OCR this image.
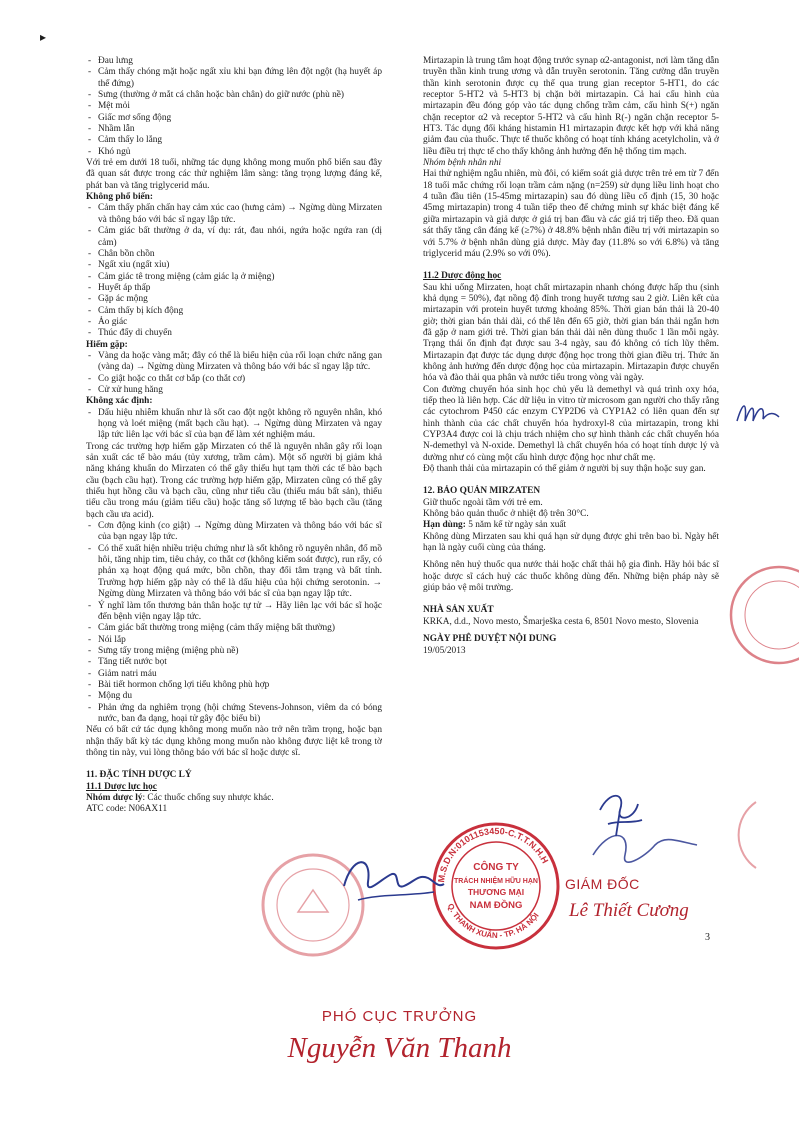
▸
- Đau lưng
- Cảm thấy chóng mặt hoặc ngất xỉu khi bạn đứng lên đột ngột (hạ huyết áp thế đứng)
- Sưng (thường ở mắt cá chân hoặc bàn chân) do giữ nước (phù nề)
- Mệt mỏi
- Giấc mơ sống động
- Nhầm lẫn
- Cảm thấy lo lắng
- Khó ngủ

Với trẻ em dưới 18 tuổi, những tác dụng không mong muốn phổ biến sau đây đã quan sát được trong các thử nghiệm lâm sàng: tăng trọng lượng đáng kể, phát ban và tăng triglycerid máu.

Không phổ biến:

- Cảm thấy phấn chấn hay cảm xúc cao (hưng cảm) → Ngừng dùng Mirzaten và thông báo với bác sĩ ngay lập tức.
- Cảm giác bất thường ở da, ví dụ: rát, đau nhói, ngứa hoặc ngứa ran (dị cảm)
- Chân bồn chồn
- Ngất xỉu (ngất xỉu)
- Cảm giác tê trong miệng (cảm giác lạ ở miệng)
- Huyết áp thấp
- Gặp ác mộng
- Cảm thấy bị kích động
- Ảo giác
- Thúc đẩy di chuyển

Hiếm gặp:

- Vàng da hoặc vàng mắt; đây có thể là biểu hiện của rối loạn chức năng gan (vàng da) → Ngừng dùng Mirzaten và thông báo với bác sĩ ngay lập tức.
- Co giật hoặc co thắt cơ bắp (co thắt cơ)
- Cử xử hung hăng

Không xác định:

- Dấu hiệu nhiễm khuẩn như là sốt cao đột ngột không rõ nguyên nhân, khó họng và loét miệng (mất bạch cầu hạt). → Ngừng dùng Mirzaten và ngay lập tức liên lạc với bác sĩ của bạn để làm xét nghiệm máu.

Trong các trường hợp hiếm gặp Mirzaten có thể là nguyên nhân gây rối loạn sản xuất các tế bào máu (tủy xương, trầm cảm). Một số người bị giảm khả năng kháng khuẩn do Mirzaten có thể gây thiếu hụt tạm thời các tế bào bạch cầu (bạch cầu hạt). Trong các trường hợp hiếm gặp, Mirzaten cũng có thể gây thiếu hụt hồng cầu và bạch cầu, cũng như tiểu cầu (thiếu máu bất sản), thiếu tiểu cầu trong máu (giảm tiểu cầu) hoặc tăng số lượng tế bào bạch cầu (tăng bạch cầu ưa acid).

- Cơn động kinh (co giật) → Ngừng dùng Mirzaten và thông báo với bác sĩ của bạn ngay lập tức.
- Có thể xuất hiện nhiều triệu chứng như là sốt không rõ nguyên nhân, đổ mồ hôi, tăng nhịp tim, tiêu chảy, co thắt cơ (không kiểm soát được), run rẩy, có phản xạ hoạt động quá mức, bồn chồn, thay đổi tâm trạng và bất tỉnh. Trường hợp hiếm gặp này có thể là dấu hiệu của hội chứng serotonin. → Ngừng dùng Mirzaten và thông báo với bác sĩ của bạn ngay lập tức.
- Ý nghĩ làm tổn thương bản thân hoặc tự tử → Hãy liên lạc với bác sĩ hoặc đến bệnh viện ngay lập tức.
- Cảm giác bất thường trong miệng (cảm thấy miệng bất thường)
- Nói lắp
- Sưng tấy trong miệng (miệng phù nề)
- Tăng tiết nước bọt
- Giảm natri máu
- Bài tiết hormon chống lợi tiểu không phù hợp
- Mộng du
- Phản ứng da nghiêm trọng (hội chứng Stevens-Johnson, viêm da có bóng nước, ban đa dạng, hoại tử gây độc biểu bì)

Nếu có bất cứ tác dụng không mong muốn nào trở nên trầm trọng, hoặc bạn nhận thấy bất kỳ tác dụng không mong muốn nào không được liệt kê trong tờ thông tin này, vui lòng thông báo với bác sĩ hoặc dược sĩ.

11. ĐẶC TÍNH DƯỢC LÝ

11.1 Dược lực học

Nhóm dược lý: Các thuốc chống suy nhược khác.

ATC code: N06AX11

Mirtazapin là trung tâm hoạt động trước synap α2-antagonist, nơi làm tăng dẫn truyền thần kinh trung ương và dẫn truyền serotonin. Tăng cường dẫn truyền thần kinh serotonin được cụ thể qua trung gian receptor 5-HT1, do các receptor 5-HT2 và 5-HT3 bị chặn bởi mirtazapin. Cả hai cấu hình của mirtazapin đều đóng góp vào tác dụng chống trầm cảm, cấu hình S(+) ngăn chặn receptor α2 và receptor 5-HT2 và cấu hình R(-) ngăn chặn receptor 5-HT3. Tác dụng đối kháng histamin H1 mirtazapin được kết hợp với khả năng giảm đau của thuốc. Thực tế thuốc không có hoạt tính kháng acetylcholin, và ở liều điều trị thực tế cho thấy không ảnh hưởng đến hệ thống tim mạch.

Nhóm bệnh nhân nhi

Hai thử nghiệm ngẫu nhiên, mù đôi, có kiểm soát giả dược trên trẻ em từ 7 đến 18 tuổi mắc chứng rối loạn trầm cảm nặng (n=259) sử dụng liều linh hoạt cho 4 tuần đầu tiên (15-45mg mirtazapin) sau đó dùng liều cố định (15, 30 hoặc 45mg mirtazapin) trong 4 tuần tiếp theo để chứng minh sự khác biệt đáng kể giữa mirtazapin và giả dược ở giá trị ban đầu và các giá trị tiếp theo. Đã quan sát thấy tăng cân đáng kể (≥7%) ở 48.8% bệnh nhân điều trị với mirtazapin so với 5.7% ở bệnh nhân dùng giả dược. Mày đay (11.8% so với 6.8%) và tăng triglycerid máu (2.9% so với 0%).

11.2 Dược động học

Sau khi uống Mirzaten, hoạt chất mirtazapin nhanh chóng được hấp thu (sinh khả dụng = 50%), đạt nồng độ đỉnh trong huyết tương sau 2 giờ. Liên kết của mirtazapin với protein huyết tương khoảng 85%. Thời gian bán thải là 20-40 giờ; thời gian bán thải dài, có thể lên đến 65 giờ, thời gian bán thải ngắn hơn đã gặp ở nam giới trẻ. Thời gian bán thải dài nên dùng thuốc 1 lần mỗi ngày. Trạng thái ổn định đạt được sau 3-4 ngày, sau đó không có tích lũy thêm. Mirtazapin đạt được tác dụng dược động học trong thời gian điều trị. Thức ăn không ảnh hưởng đến dược động học của mirtazapin. Mirtazapin được chuyển hóa và đào thải qua phân và nước tiểu trong vòng vài ngày.

Con đường chuyển hóa sinh học chủ yếu là demethyl và quá trình oxy hóa, tiếp theo là liên hợp. Các dữ liệu in vitro từ microsom gan người cho thấy rằng các cytochrom P450 các enzym CYP2D6 và CYP1A2 có liên quan đến sự hình thành của các chất chuyển hóa hydroxyl-8 của mirtazapin, trong khi CYP3A4 được coi là chịu trách nhiệm cho sự hình thành các chất chuyển hóa N-demethyl và N-oxide. Demethyl là chất chuyển hóa có hoạt tính dược lý và dường như có cùng một cấu hình dược động học như chất mẹ.

Độ thanh thải của mirtazapin có thể giảm ở người bị suy thận hoặc suy gan.

12. BẢO QUẢN MIRZATEN

Giữ thuốc ngoài tầm với trẻ em.

Không bảo quản thuốc ở nhiệt độ trên 30°C.

Hạn dùng: 5 năm kể từ ngày sản xuất

Không dùng Mirzaten sau khi quá hạn sử dụng được ghi trên bao bì. Ngày hết hạn là ngày cuối cùng của tháng.

Không nên huỷ thuốc qua nước thải hoặc chất thải hộ gia đình. Hãy hỏi bác sĩ hoặc dược sĩ cách huỷ các thuốc không dùng đến. Những biện pháp này sẽ giúp bảo vệ môi trường.

NHÀ SẢN XUẤT

KRKA, d.d., Novo mesto, Šmarješka cesta 6, 8501 Novo mesto, Slovenia

NGÀY PHÊ DUYỆT NỘI DUNG

19/05/2013

M.S.D.N:0101153450-C.T.T.N.H.H
Q. THANH XUÂN - TP. HÀ NỘI
CÔNG TY
TRÁCH NHIỆM HỮU HẠN
THƯƠNG MẠI
NAM ĐỒNG
GIÁM ĐỐC
Lê Thiết Cương
3
PHÓ CỤC TRƯỞNG
Nguyễn Văn Thanh
